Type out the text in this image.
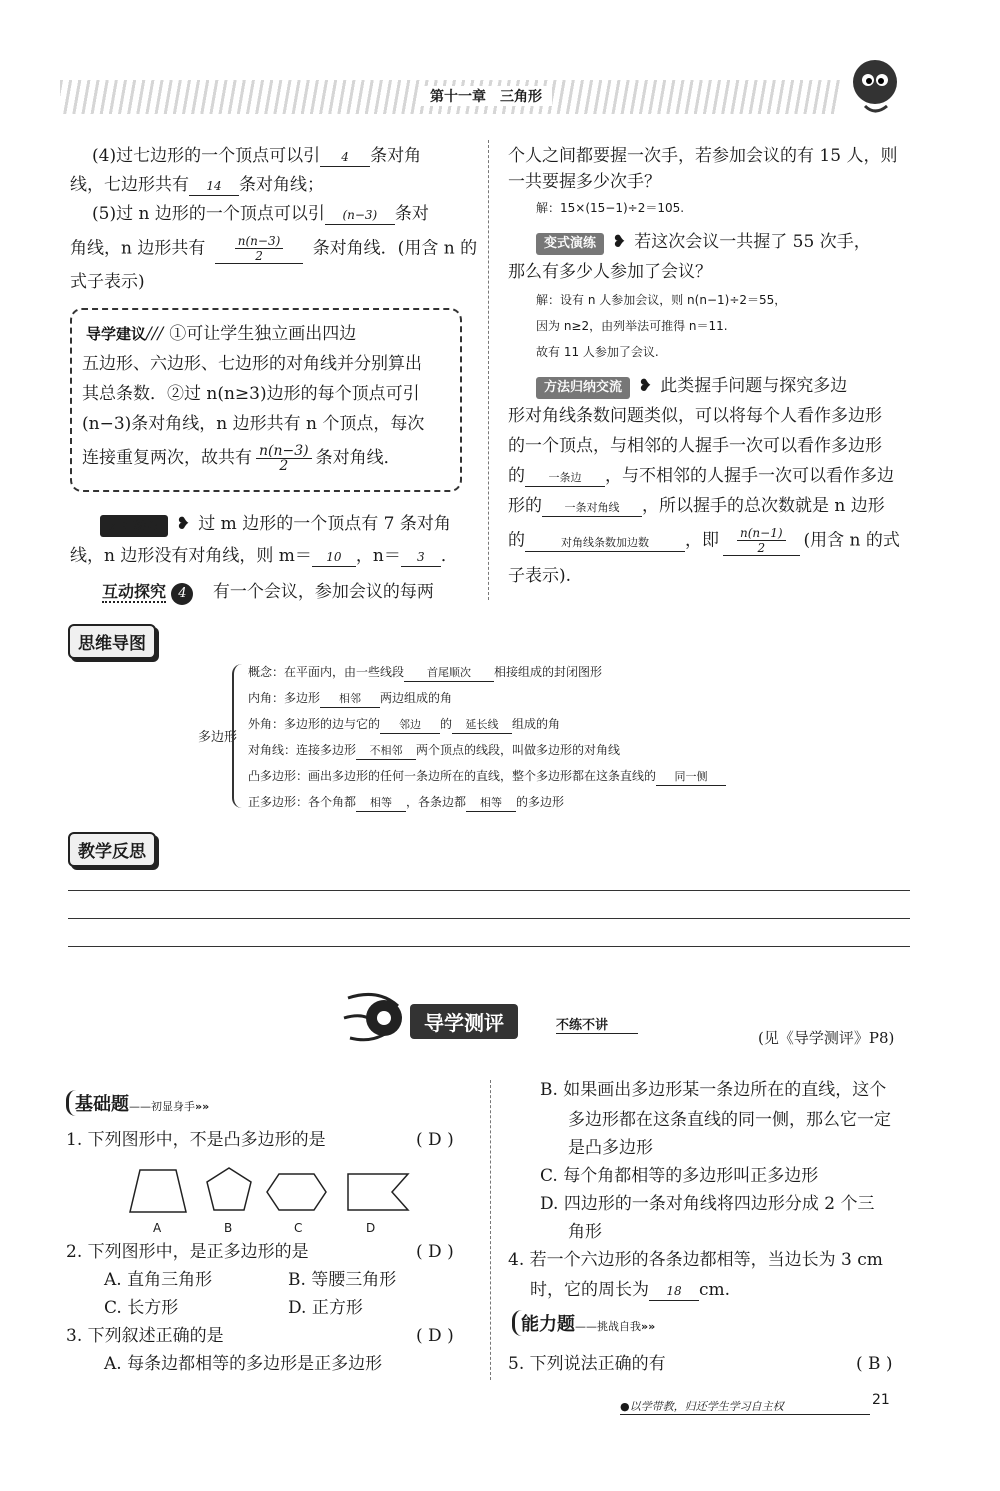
第十一章　三角形
(4)过七边形的一个顶点可以引 4 条对角
线，七边形共有 14 条对角线；
(5)过 n 边形的一个顶点可以引 (n−3) 条对
角线，n 边形共有 $\frac{n(n-3)}{2}$ 条对角线．(用含 n 的
式子表示)
导学建议/// ①可让学生独立画出四边
五边形、六边形、七边形的对角线并分别算出
其总条数．②过 n(n≥3)边形的每个顶点可引
(n−3)条对角线，n 边形共有 n 个顶点，每次
连接重复两次，故共有 $\frac{n(n-3)}{2}$ 条对角线．
即时练习 ❥ 过 m 边形的一个顶点有 7 条对角
线，n 边形没有对角线，则 m＝ 10 ，n＝ 3 ．
互动探究 4 有一个会议，参加会议的每两
个人之间都要握一次手，若参加会议的有 15 人，则
一共要握多少次手？
解：15×(15−1)÷2＝105.
变式演练 ❥ 若这次会议一共握了 55 次手，
那么有多少人参加了会议？
解：设有 n 人参加会议，则 n(n−1)÷2＝55，
因为 n≥2，由列举法可推得 n＝11.
故有 11 人参加了会议.
方法归纳交流 ❥ 此类握手问题与探究多边
形对角线条数问题类似，可以将每个人看作多边形
的一个顶点，与相邻的人握手一次可以看作多边形
的 一条边 ，与不相邻的人握手一次可以看作多边
形的 一条对角线 ，所以握手的总次数就是 n 边形
的	对角线条数加边数 ，即 $\frac{n(n-1)}{2}$ (用含 n 的式
子表示).
思维导图
多边形
概念：在平面内，由一些线段 首尾顺次 相接组成的封闭图形
内角：多边形 相邻 两边组成的角
外角：多边形的边与它的 邻边 的 延长线 组成的角
对角线：连接多边形 不相邻 两个顶点的线段，叫做多边形的对角线
凸多边形：画出多边形的任何一条边所在的直线，整个多边形都在这条直线的 同一侧
正多边形：各个角都 相等 ，各条边都 相等 的多边形
教学反思
导学测评	不练不讲
(见《导学测评》P8)
基础题——初显身手»»
1. 下列图形中，不是凸多边形的是	( D )
A	B	C	D
2. 下列图形中，是正多边形的是	( D )
A. 直角三角形	B. 等腰三角形
C. 长方形	D. 正方形
3. 下列叙述正确的是	( D )
A. 每条边都相等的多边形是正多边形
B. 如果画出多边形某一条边所在的直线，这个
多边形都在这条直线的同一侧，那么它一定
是凸多边形
C. 每个角都相等的多边形叫正多边形
D. 四边形的一条对角线将四边形分成 2 个三
角形
4. 若一个六边形的各条边都相等，当边长为 3 cm
时，它的周长为 18 cm.
能力题——挑战自我»»
5. 下列说法正确的有	( B )
●以学带教，归还学生学习自主权	21
